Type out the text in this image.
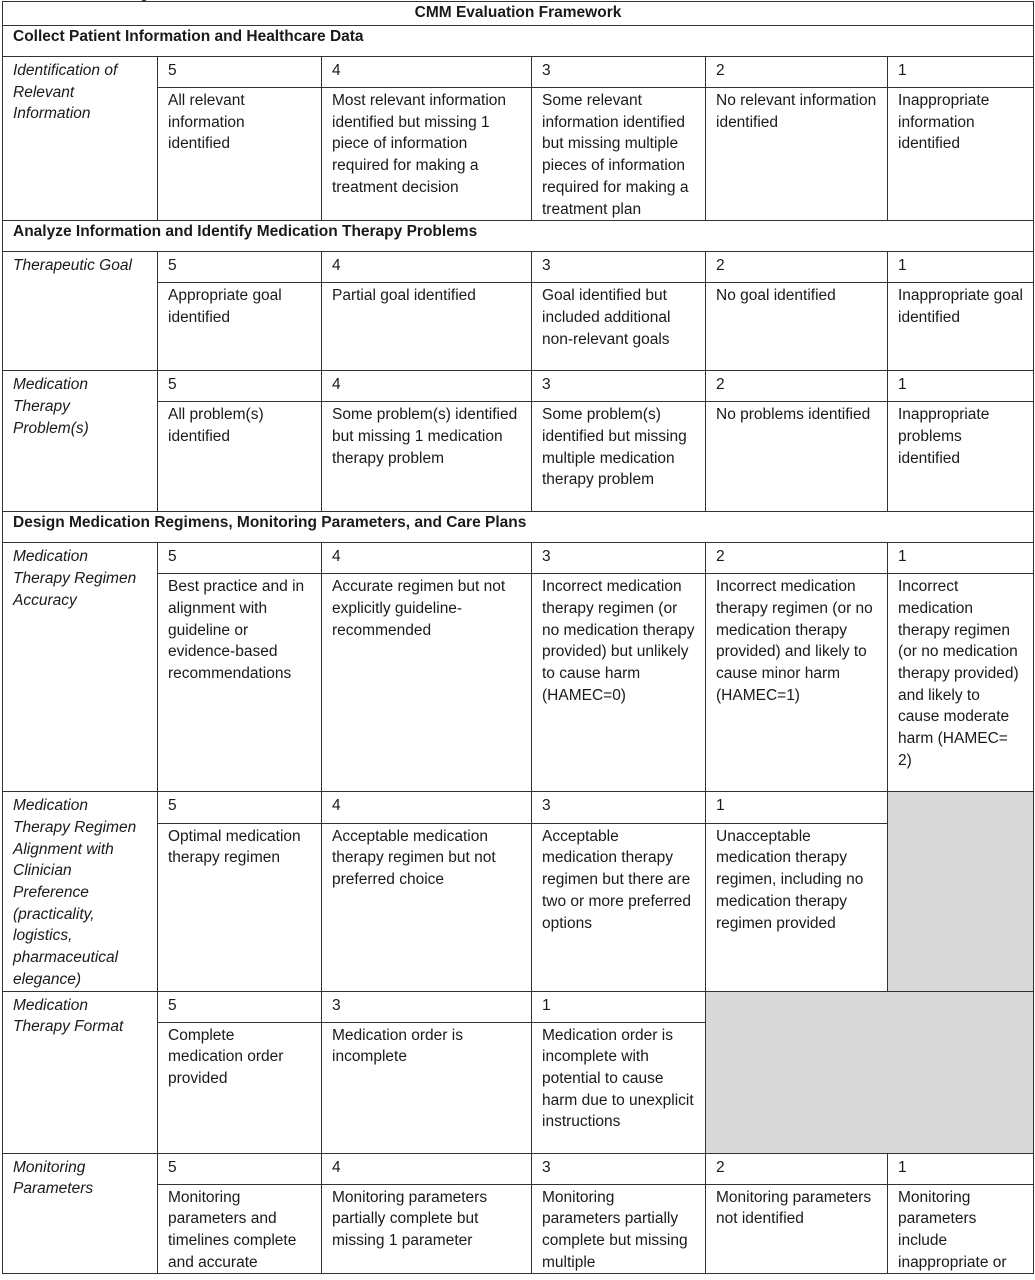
CMM Evaluation Framework					
Collect Patient Information and Healthcare Data					
Identification of Relevant Information	5	4	3	2	1
	All relevant information identified	Most relevant information identified but missing 1 piece of information required for making a treatment decision	Some relevant information identified but missing multiple pieces of information required for making a treatment plan	No relevant information identified	Inappropriate information identified
Analyze Information and Identify Medication Therapy Problems					
Therapeutic Goal	5	4	3	2	1
	Appropriate goal identified	Partial goal identified	Goal identified but included additional non-relevant goals	No goal identified	Inappropriate goal identified
Medication Therapy Problem(s)	5	4	3	2	1
	All problem(s) identified	Some problem(s) identified but missing 1 medication therapy problem	Some problem(s) identified but missing multiple medication therapy problem	No problems identified	Inappropriate problems identified
Design Medication Regimens, Monitoring Parameters, and Care Plans					
Medication Therapy Regimen Accuracy	5	4	3	2	1
	Best practice and in alignment with guideline or evidence-based recommendations	Accurate regimen but not explicitly guideline-recommended	Incorrect medication therapy regimen (or no medication therapy provided) but unlikely to cause harm (HAMEC=0)	Incorrect medication therapy regimen (or no medication therapy provided) and likely to cause minor harm (HAMEC=1)	Incorrect medication therapy regimen (or no medication therapy provided) and likely to cause moderate harm (HAMEC= 2)
Medication Therapy Regimen Alignment with Clinician Preference (practicality, logistics, pharmaceutical elegance)	5	4	3	1	
	Optimal medication therapy regimen	Acceptable medication therapy regimen but not preferred choice	Acceptable medication therapy regimen but there are two or more preferred options	Unacceptable medication therapy regimen, including no medication therapy regimen provided	
Medication Therapy Format	5	3	1		
	Complete medication order provided	Medication order is incomplete	Medication order is incomplete with potential to cause harm due to unexplicit instructions		
Monitoring Parameters	5	4	3	2	1
	Monitoring parameters and timelines complete and accurate	Monitoring parameters partially complete but missing 1 parameter	Monitoring parameters partially complete but missing multiple	Monitoring parameters not identified	Monitoring parameters include inappropriate or
